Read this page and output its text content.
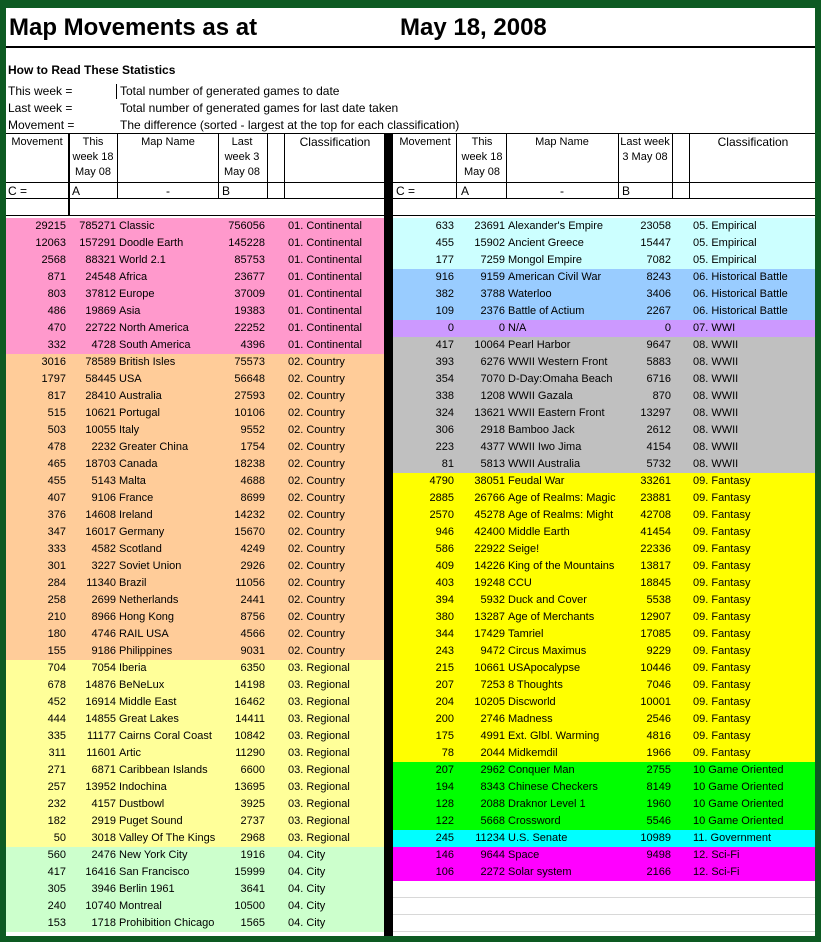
Map Movements as at	May 18, 2008
How to Read These Statistics
This week =	Total number of generated games to date
Last week =	Total number of generated games for last date taken
Movement =	The difference (sorted - largest at the top for each classification)
Movement	This week 18 May 08
Map Name	Last week 3 May 08
Classification
C =	A	-	B
Movement	This week 18 May 08
Map Name	Last week 3 May 08
Classification
C =	A	-	B
29215	785271 Classic	756056 01. Continental
12063	157291 Doodle Earth	145228 01. Continental
2568	88321 World 2.1	85753 01. Continental
871	24548 Africa	23677 01. Continental
803	37812 Europe	37009 01. Continental
486	19869 Asia	19383 01. Continental
470	22722 North America	22252 01. Continental
332	4728 South America	4396 01. Continental
3016	78589 British Isles	75573 02. Country
1797	58445 USA	56648 02. Country
817	28410 Australia	27593 02. Country
515	10621 Portugal	10106 02. Country
503	10055 Italy	9552 02. Country
478	2232 Greater China	1754 02. Country
465	18703 Canada	18238 02. Country
455	5143 Malta	4688 02. Country
407	9106 France	8699 02. Country
376	14608 Ireland	14232 02. Country
347	16017 Germany	15670 02. Country
333	4582 Scotland	4249 02. Country
301	3227 Soviet Union	2926 02. Country
284	11340 Brazil	11056 02. Country
258	2699 Netherlands	2441 02. Country
210	8966 Hong Kong	8756 02. Country
180	4746 RAIL USA	4566 02. Country
155	9186 Philippines	9031 02. Country
704	7054 Iberia	6350 03. Regional
678	14876 BeNeLux	14198 03. Regional
452	16914 Middle East	16462 03. Regional
444	14855 Great Lakes	14411 03. Regional
335	11177 Cairns Coral Coast	10842 03. Regional
311	11601 Artic	11290 03. Regional
271	6871 Caribbean Islands	6600 03. Regional
257	13952 Indochina	13695 03. Regional
232	4157 Dustbowl	3925 03. Regional
182	2919 Puget Sound	2737 03. Regional
50	3018 Valley Of The Kings	2968 03. Regional
560	2476 New York City	1916 04. City
417	16416 San Francisco	15999 04. City
305	3946 Berlin 1961	3641 04. City
240	10740 Montreal	10500 04. City
153	1718 Prohibition Chicago	1565 04. City
633	23691 Alexander's Empire	23058 05. Empirical
455	15902 Ancient Greece	15447 05. Empirical
177	7259 Mongol Empire	7082 05. Empirical
916	9159 American Civil War	8243 06. Historical Battle
382	3788 Waterloo	3406 06. Historical Battle
109	2376 Battle of Actium	2267 06. Historical Battle
0	0 N/A	0 07. WWI
417	10064 Pearl Harbor	9647 08. WWII
393	6276 WWII Western Front	5883 08. WWII
354	7070 D-Day:Omaha Beach	6716 08. WWII
338	1208 WWII Gazala	870 08. WWII
324	13621 WWII Eastern Front	13297 08. WWII
306	2918 Bamboo Jack	2612 08. WWII
223	4377 WWII Iwo Jima	4154 08. WWII
81	5813 WWII Australia	5732 08. WWII
4790	38051 Feudal War	33261 09. Fantasy
2885	26766 Age of Realms: Magic	23881 09. Fantasy
2570	45278 Age of Realms: Might	42708 09. Fantasy
946	42400 Middle Earth	41454 09. Fantasy
586	22922 Seige!	22336 09. Fantasy
409	14226 King of the Mountains	13817 09. Fantasy
403	19248 CCU	18845 09. Fantasy
394	5932 Duck and Cover	5538 09. Fantasy
380	13287 Age of Merchants	12907 09. Fantasy
344	17429 Tamriel	17085 09. Fantasy
243	9472 Circus Maximus	9229 09. Fantasy
215	10661 USApocalypse	10446 09. Fantasy
207	7253 8 Thoughts	7046 09. Fantasy
204	10205 Discworld	10001 09. Fantasy
200	2746 Madness	2546 09. Fantasy
175	4991 Ext. Glbl. Warming	4816 09. Fantasy
78	2044 Midkemdil	1966 09. Fantasy
207	2962 Conquer Man	2755 10 Game Oriented
194	8343 Chinese Checkers	8149 10 Game Oriented
128	2088 Draknor Level 1	1960 10 Game Oriented
122	5668 Crossword	5546 10 Game Oriented
245	11234 U.S. Senate	10989 11. Government
146	9644 Space	9498 12. Sci-Fi
106	2272 Solar system	2166 12. Sci-Fi
